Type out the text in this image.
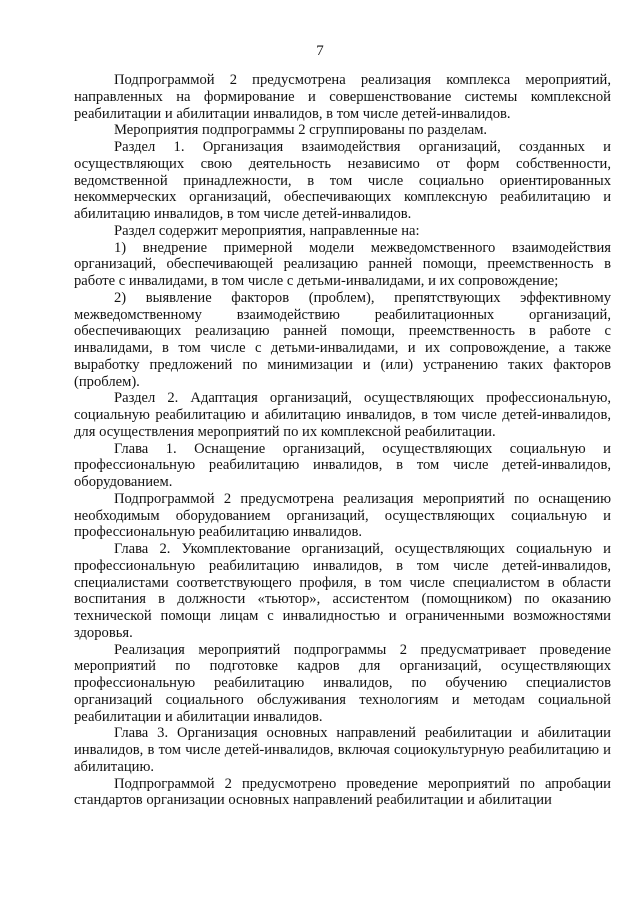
7

Подпрограммой 2 предусмотрена реализация комплекса мероприятий, направленных на формирование и совершенствование системы комплексной реабилитации и абилитации инвалидов, в том числе детей-инвалидов.

Мероприятия подпрограммы 2 сгруппированы по разделам.

Раздел 1. Организация взаимодействия организаций, созданных и осуществляющих свою деятельность независимо от форм собственности, ведомственной принадлежности, в том числе социально ориентированных некоммерческих организаций, обеспечивающих комплексную реабилитацию и абилитацию инвалидов, в том числе детей-инвалидов.

Раздел содержит мероприятия, направленные на:

1) внедрение примерной модели межведомственного взаимодействия организаций, обеспечивающей реализацию ранней помощи, преемственность в работе с инвалидами, в том числе с детьми-инвалидами, и их сопровождение;

2) выявление факторов (проблем), препятствующих эффективному межведомственному взаимодействию реабилитационных организаций, обеспечивающих реализацию ранней помощи, преемственность в работе с инвалидами, в том числе с детьми-инвалидами, и их сопровождение, а также выработку предложений по минимизации и (или) устранению таких факторов (проблем).

Раздел 2. Адаптация организаций, осуществляющих профессиональную, социальную реабилитацию и абилитацию инвалидов, в том числе детей-инвалидов, для осуществления мероприятий по их комплексной реабилитации.

Глава 1. Оснащение организаций, осуществляющих социальную и профессиональную реабилитацию инвалидов, в том числе детей-инвалидов, оборудованием.

Подпрограммой 2 предусмотрена реализация мероприятий по оснащению необходимым оборудованием организаций, осуществляющих социальную и профессиональную реабилитацию инвалидов.

Глава 2. Укомплектование организаций, осуществляющих социальную и профессиональную реабилитацию инвалидов, в том числе детей-инвалидов, специалистами соответствующего профиля, в том числе специалистом в области воспитания в должности «тьютор», ассистентом (помощником) по оказанию технической помощи лицам с инвалидностью и ограниченными возможностями здоровья.

Реализация мероприятий подпрограммы 2 предусматривает проведение мероприятий по подготовке кадров для организаций, осуществляющих профессиональную реабилитацию инвалидов, по обучению специалистов организаций социального обслуживания технологиям и методам социальной реабилитации и абилитации инвалидов.

Глава 3. Организация основных направлений реабилитации и абилитации инвалидов, в том числе детей-инвалидов, включая социокультурную реабилитацию и абилитацию.

Подпрограммой 2 предусмотрено проведение мероприятий по апробации стандартов организации основных направлений реабилитации и абилитации
